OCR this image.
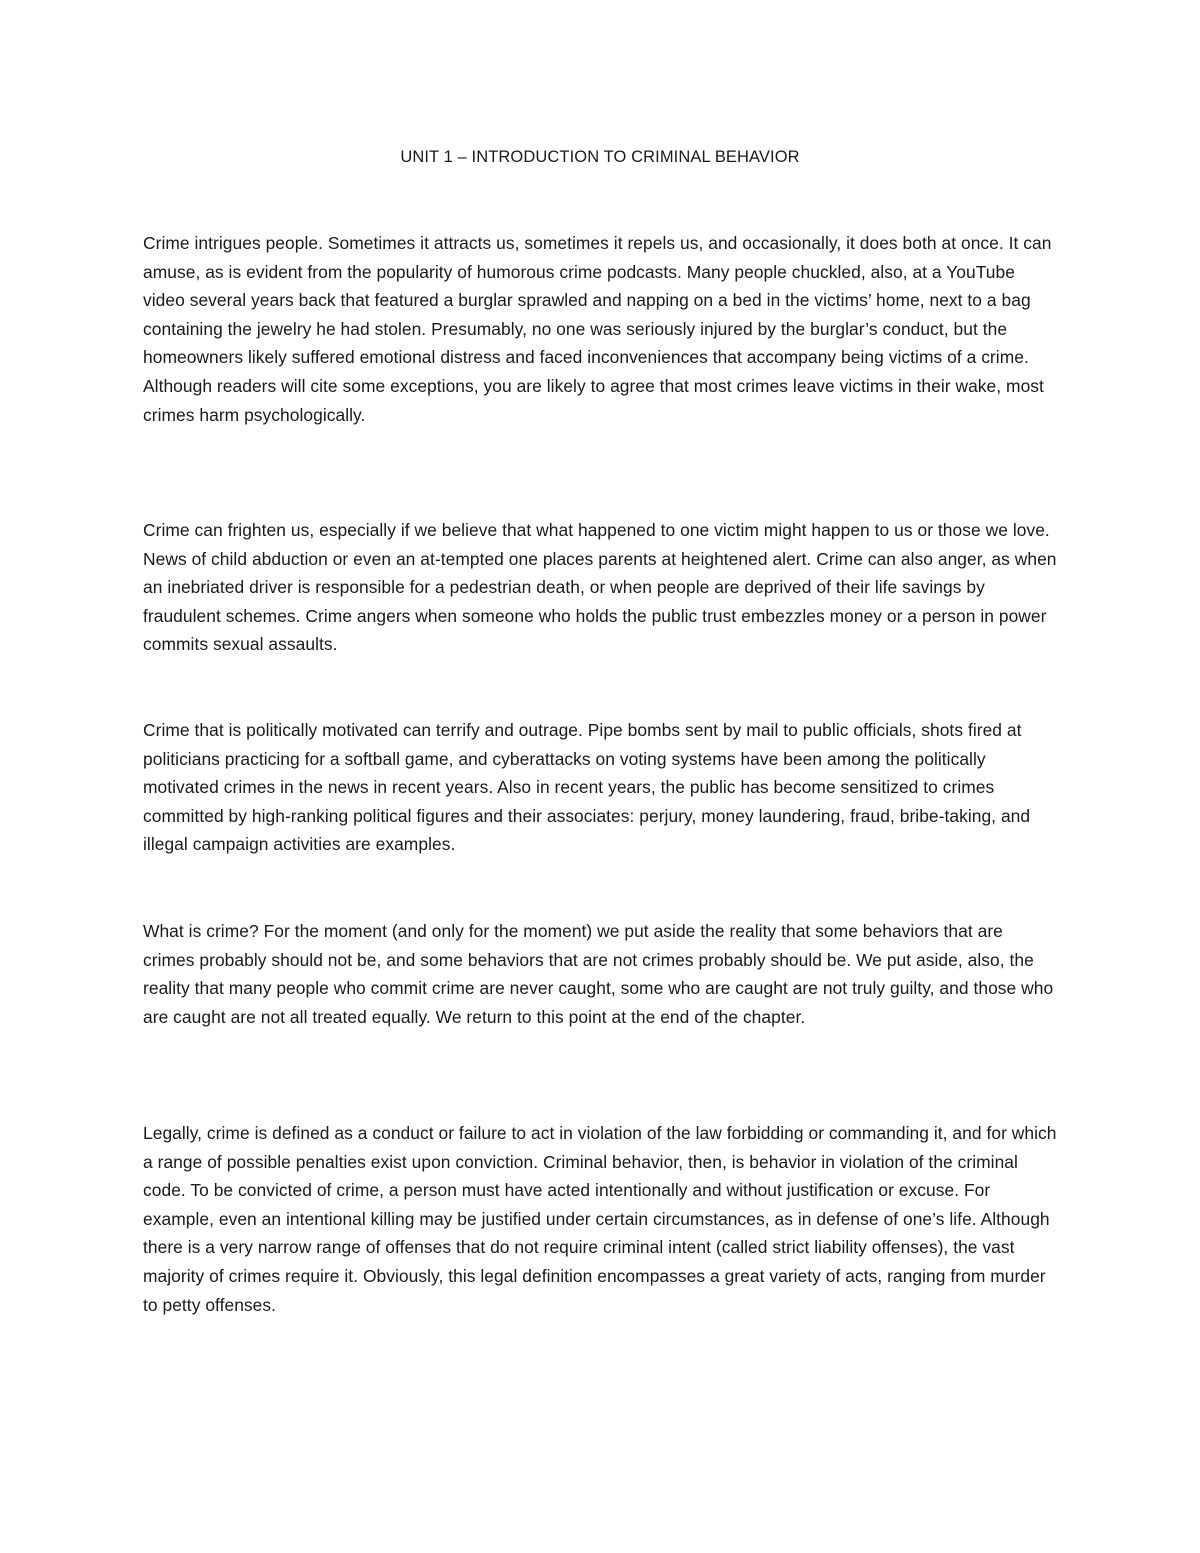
UNIT 1 – INTRODUCTION TO CRIMINAL BEHAVIOR

Crime intrigues people. Sometimes it attracts us, sometimes it repels us, and occasionally, it does both at once. It can amuse, as is evident from the popularity of humorous crime podcasts. Many people chuckled, also, at a YouTube video several years back that featured a burglar sprawled and napping on a bed in the victims’ home, next to a bag containing the jewelry he had stolen. Presumably, no one was seriously injured by the burglar’s conduct, but the homeowners likely suffered emotional distress and faced inconveniences that accompany being victims of a crime. Although readers will cite some exceptions, you are likely to agree that most crimes leave victims in their wake, most crimes harm psychologically.

Crime can frighten us, especially if we believe that what happened to one victim might happen to us or those we love. News of child abduction or even an at-tempted one places parents at heightened alert. Crime can also anger, as when an inebriated driver is responsible for a pedestrian death, or when people are deprived of their life savings by fraudulent schemes. Crime angers when someone who holds the public trust embezzles money or a person in power commits sexual assaults.

Crime that is politically motivated can terrify and outrage. Pipe bombs sent by mail to public officials, shots fired at politicians practicing for a softball game, and cyberattacks on voting systems have been among the politically motivated crimes in the news in recent years. Also in recent years, the public has become sensitized to crimes committed by high-ranking political figures and their associates: perjury, money laundering, fraud, bribe-taking, and illegal campaign activities are examples.

What is crime? For the moment (and only for the moment) we put aside the reality that some behaviors that are crimes probably should not be, and some behaviors that are not crimes probably should be. We put aside, also, the reality that many people who commit crime are never caught, some who are caught are not truly guilty, and those who are caught are not all treated equally. We return to this point at the end of the chapter.

Legally, crime is defined as a conduct or failure to act in violation of the law forbidding or commanding it, and for which a range of possible penalties exist upon conviction. Criminal behavior, then, is behavior in violation of the criminal code. To be convicted of crime, a person must have acted intentionally and without justification or excuse. For example, even an intentional killing may be justified under certain circumstances, as in defense of one’s life. Although there is a very narrow range of offenses that do not require criminal intent (called strict liability offenses), the vast majority of crimes require it. Obviously, this legal definition encompasses a great variety of acts, ranging from murder to petty offenses.
